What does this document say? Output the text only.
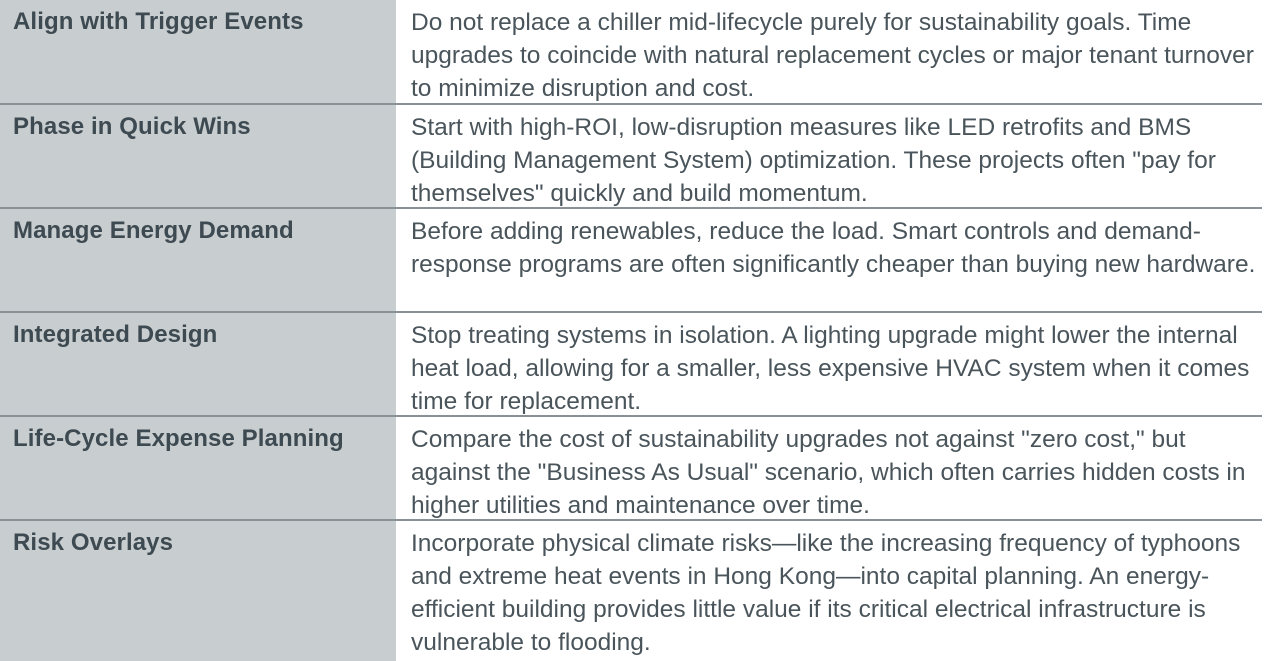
Align with Trigger Events	Do not replace a chiller mid-lifecycle purely for sustainability goals. Time upgrades to coincide with natural replacement cycles or major tenant turnover to minimize disruption and cost.
Phase in Quick Wins	Start with high-ROI, low-disruption measures like LED retrofits and BMS (Building Management System) optimization. These projects often "pay for themselves" quickly and build momentum.
Manage Energy Demand	Before adding renewables, reduce the load. Smart controls and demand-response programs are often significantly cheaper than buying new hardware.
Integrated Design	Stop treating systems in isolation. A lighting upgrade might lower the internal heat load, allowing for a smaller, less expensive HVAC system when it comes time for replacement.
Life-Cycle Expense Planning	Compare the cost of sustainability upgrades not against "zero cost," but against the "Business As Usual" scenario, which often carries hidden costs in higher utilities and maintenance over time.
Risk Overlays	Incorporate physical climate risks—like the increasing frequency of typhoons and extreme heat events in Hong Kong—into capital planning. An energy-efficient building provides little value if its critical electrical infrastructure is vulnerable to flooding.
